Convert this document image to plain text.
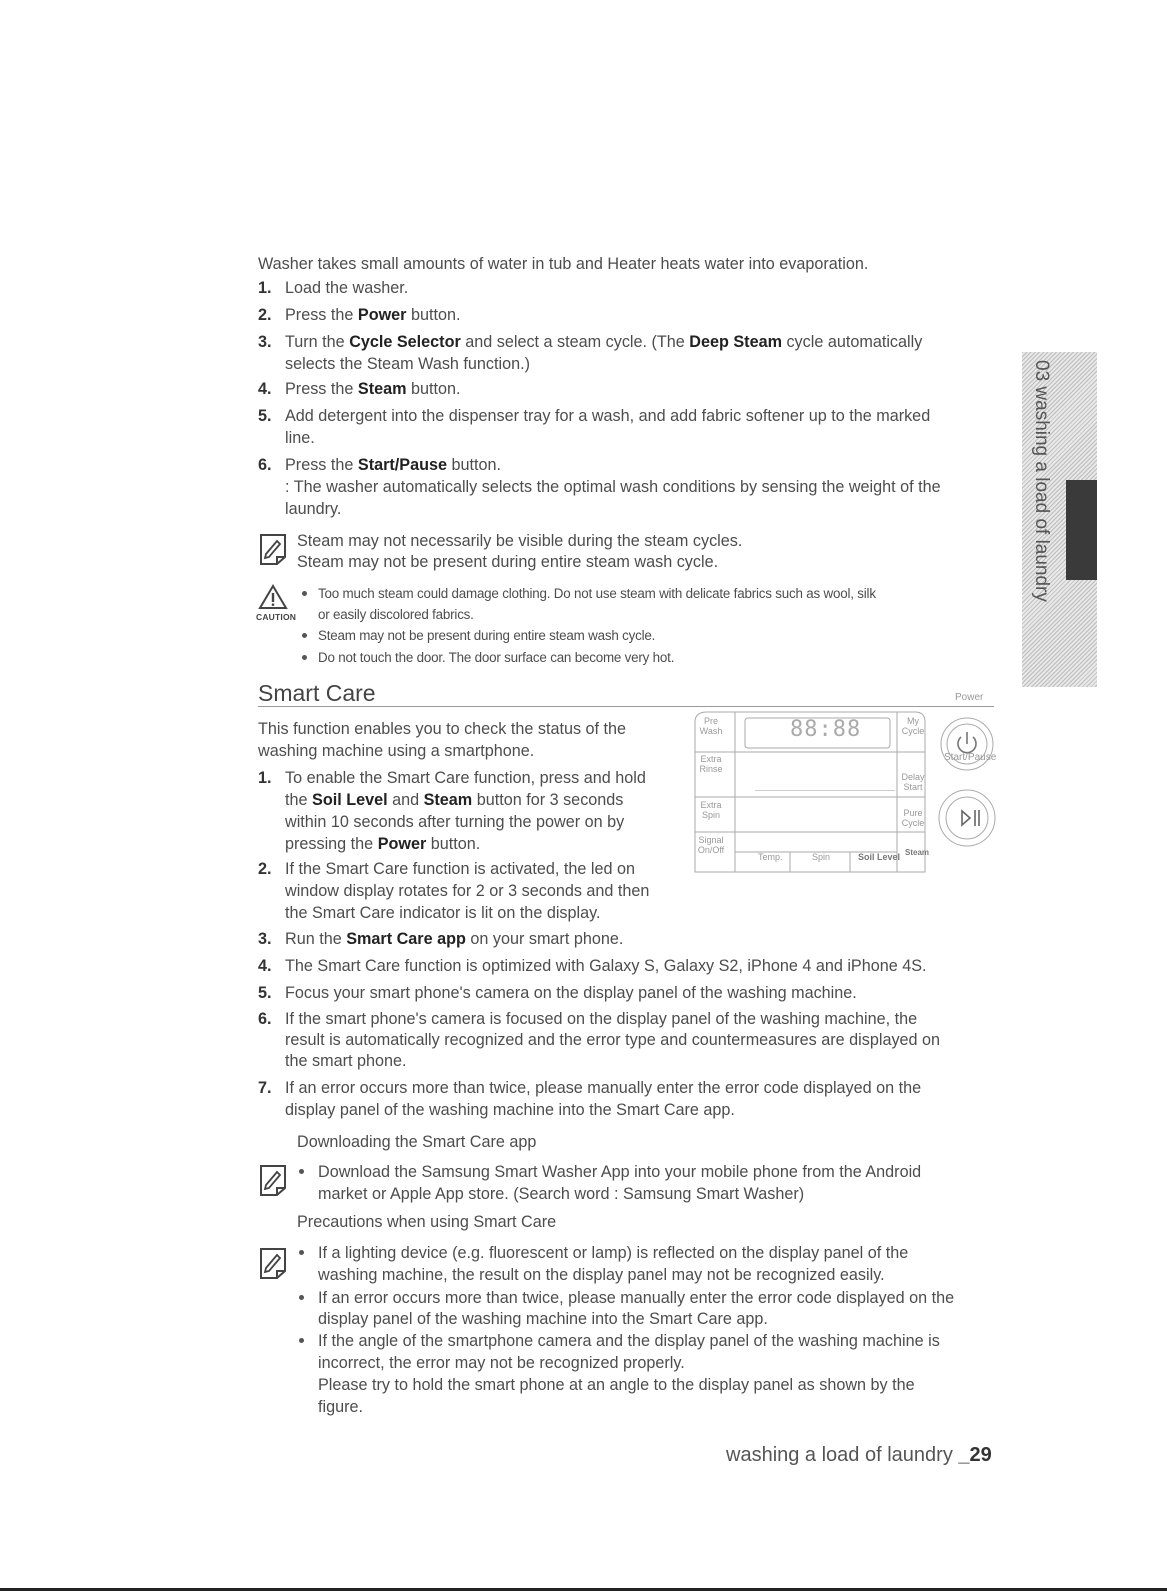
Washer takes small amounts of water in tub and Heater heats water into evaporation.
1. Load the washer.
2. Press the Power button.
3. Turn the Cycle Selector and select a steam cycle. (The Deep Steam cycle automatically
selects the Steam Wash function.)
4. Press the Steam button.
5. Add detergent into the dispenser tray for a wash, and add fabric softener up to the marked
line.
6. Press the Start/Pause button.
: The washer automatically selects the optimal wash conditions by sensing the weight of the
laundry.
Steam may not necessarily be visible during the steam cycles.
Steam may not be present during entire steam wash cycle.
CAUTION
Too much steam could damage clothing. Do not use steam with delicate fabrics such as wool, silk
or easily discolored fabrics.
Steam may not be present during entire steam wash cycle.
Do not touch the door. The door surface can become very hot.
Smart Care
This function enables you to check the status of the
washing machine using a smartphone.
1. To enable the Smart Care function, press and hold
the Soil Level and Steam button for 3 seconds
within 10 seconds after turning the power on by
pressing the Power button.
2. If the Smart Care function is activated, the led on
window display rotates for 2 or 3 seconds and then
the Smart Care indicator is lit on the display.
3. Run the Smart Care app on your smart phone.
4. The Smart Care function is optimized with Galaxy S, Galaxy S2, iPhone 4 and iPhone 4S.
5. Focus your smart phone's camera on the display panel of the washing machine.
6. If the smart phone's camera is focused on the display panel of the washing machine, the
result is automatically recognized and the error type and countermeasures are displayed on
the smart phone.
7. If an error occurs more than twice, please manually enter the error code displayed on the
display panel of the washing machine into the Smart Care app.
Downloading the Smart Care app
Download the Samsung Smart Washer App into your mobile phone from the Android
market or Apple App store. (Search word : Samsung Smart Washer)
Precautions when using Smart Care
If a lighting device (e.g. fluorescent or lamp) is reflected on the display panel of the
washing machine, the result on the display panel may not be recognized easily.
If an error occurs more than twice, please manually enter the error code displayed on the
display panel of the washing machine into the Smart Care app.
If the angle of the smartphone camera and the display panel of the washing machine is
incorrect, the error may not be recognized properly.
Please try to hold the smart phone at an angle to the display panel as shown by the
figure.
Pre Wash
Extra Rinse
Extra Spin
Signal On/Off
My Cycle
Delay Start
Pure Cycle
Temp.	Spin	Soil Level Steam
Power
Start/Pause
88:88
03 washing a load of laundry
washing a load of laundry _29
